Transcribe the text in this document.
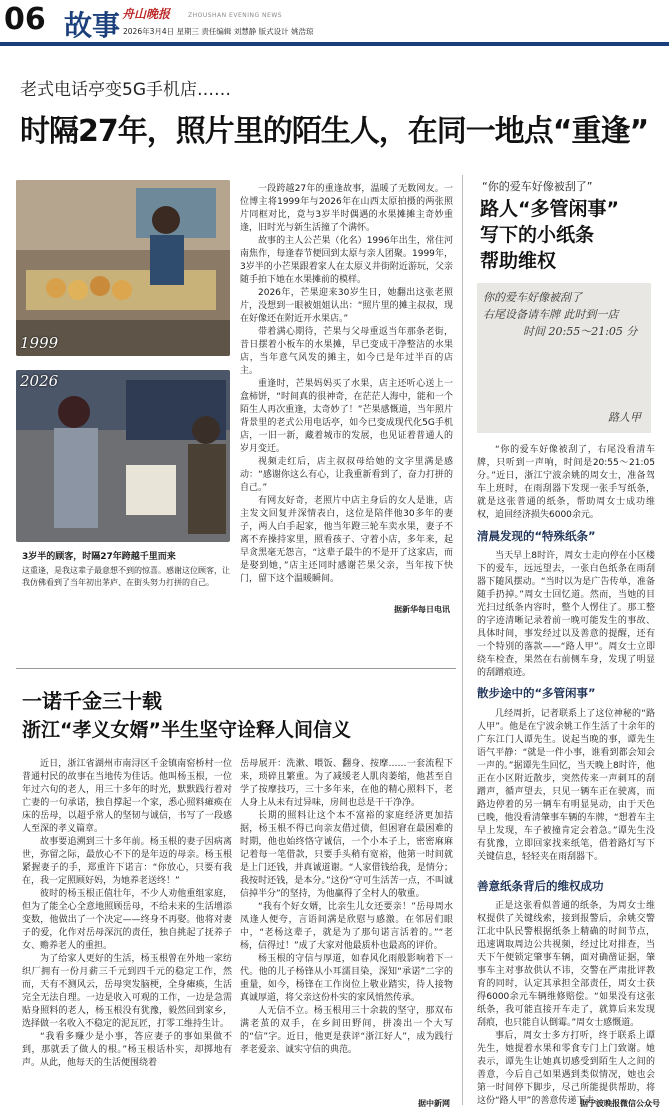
06 故事 舟山晚报	ZHOUSHAN EVENING NEWS
2026年3月4日 星期三 责任编辑 刘慧静 版式设计 姚浩琼
老式电话亭变5G手机店……
时隔27年，照片里的陌生人，在同一地点“重逢”
1999
2026
3岁半的顾客，时隔27年跨越千里而来
这重逢，是我这辈子最意想不到的惊喜。感谢这位顾客，让我仿佛看到了当年初出茅庐、在街头努力打拼的自己。

一段跨越27年的重逢故事，温暖了无数网友。一位博主将1999年与2026年在山西太原拍摄的两张照片同框对比，竟与3岁半时偶遇的水果摊摊主奇妙重逢，旧时光与新生活撞了个满怀。

故事的主人公芒果（化名）1996年出生，常住河南焦作，每逢春节便回到太原与亲人团聚。1999年，3岁半的小芒果跟着家人在太原义井街附近游玩，父亲随手拍下她在水果摊前的模样。

2026年，芒果迎来30岁生日，她翻出这张老照片，没想到一眼被姐姐认出：“照片里的摊主叔叔，现在好像还在附近开水果店。”

带着满心期待，芒果与父母重返当年那条老街，昔日摆着小板车的水果摊，早已变成干净整洁的水果店，当年意气风发的摊主，如今已是年过半百的店主。

重逢时，芒果妈妈买了水果，店主还听心送上一盒柿饼，“时间真的很神奇，在茫茫人海中，能和一个陌生人再次重逢，太奇妙了！”芒果感慨道，当年照片背景里的老式公用电话亭，如今已变成现代化5G手机店，一旧一新，藏着城市的发展，也见证着普通人的岁月变迁。

视频走红后，店主叔叔母给她的文字里满是感动：“感谢你这么有心，让我重新看到了，奋力打拼的自己。”

有网友好奇，老照片中店主身后的女人是谁，店主发文回复并深情表白，这位是陪伴他30多年的妻子，两人白手起家，他当年蹬三轮车卖水果，妻子不离不弃操持家里，照看孩子、守着小店，多年来，起早贪黑毫无怨言，“这辈子最牛的不是开了这家店，而是娶到她，”店主还同时感谢芒果父亲，当年按下快门，留下这个温暖瞬间。

据新华每日电讯
一诺千金三十载
浙江“孝义女婿”半生坚守诠释人间信义

近日，浙江省湖州市南浔区千金镇南窑桥村一位普通村民的故事在当地传为佳话。他叫杨玉根，一位年过六旬的老人，用三十多年的时光，默默践行着对亡妻的一句承诺，独自撑起一个家，悉心照料瘫痪在床的岳母，以超乎常人的坚韧与诚信，书写了一段感人至深的孝义篇章。

故事要追溯到三十多年前。杨玉根的妻子因病离世，弥留之际，最放心不下的是年迈的母亲。杨玉根紧握妻子的手，郑重许下诺言：“你放心，只要有我在，我一定照顾好妈，为她养老送终！”

彼时的杨玉根正值壮年，不少人劝他重组家庭，但为了能全心全意地照顾岳母，不给未来的生活增添变数，他做出了一个决定——终身不再娶。他将对妻子的爱，化作对岳母深沉的责任，独自挑起了抚养子女、赡养老人的重担。

为了给家人更好的生活，杨玉根曾在外地一家纺织厂拥有一份月薪三千元到四千元的稳定工作，然而，天有不测风云，岳母突发脑梗，全身瘫痪，生活完全无法自理。一边是收入可观的工作，一边是急需贴身照料的老人，杨玉根没有犹豫，毅然回到家乡，选择做一名收入不稳定的泥瓦匠，打零工维持生计。

“我看多赚少是小事，答应妻子的事如果做不到，那就丢了做人的根。”杨玉根话朴实，却掷地有声。从此，他每天的生活便围绕着

岳母展开：洗漱、喂饭、翻身、按摩……一套流程下来，琐碎且繁重。为了减缓老人肌肉萎缩，他甚至自学了按摩技巧，三十多年来，在他的精心照料下，老人身上从未有过异味，房间也总是干干净净。

长期的照料让这个本不富裕的家庭经济更加拮据，杨玉根不得已向亲友借过债，但困窘在最困难的时期，他也始终恪守诚信，一个小本子上，密密麻麻记着每一笔借款，只要手头稍有宽裕，他第一时间就是上门还钱，并真诚道谢。“人家借钱给我，是情分；我按时还钱，是本分。”这份“守可生活苦一点，不叫诚信掉半分”的坚持，为他赢得了全村人的敬重。

“我有个好女婿，比亲生儿女还要亲！”岳母周水凤逢人便夸，言语间满是欣慰与感激。在邻居们眼中，“老杨这辈子，就是为了那句诺言活着的。”“老杨，信得过！”成了大家对他最质朴也最高的评价。

杨玉根的守信与厚道，如春风化雨般影响着下一代。他的儿子杨锋从小耳濡目染，深知“承诺”二字的重量，如今，杨锋在工作岗位上敬业踏实，待人接物真诚厚道，将父亲这份朴实的家风悄然传承。

人无信不立。杨玉根用三十余载的坚守，那双布满老茧的双手，在乡间田野间，拼凑出一个大写的“信”字。近日，他更是获评“浙江好人”，成为践行孝老爱亲、诚实守信的典范。

据中新网
“你的爱车好像被刮了”
路人“多管闲事”
写下的小纸条
帮助维权
你的爱车好像被刮了
右尾设备请车牌 此时到一店
时间 20:55～21:05 分
路人甲

“你的爱车好像被刮了，右尾没看清车牌，只听到一声响，时间是20:55～21:05分。”近日，浙江宁波余姚的周女士，准备驾车上班时，在雨刮器下发现一张手写纸条，就是这张普通的纸条，帮助周女士成功维权，追回经济损失6000余元。

清晨发现的“特殊纸条”

当天早上8时许，周女士走向停在小区楼下的爱车，远远望去，一张白色纸条在雨刮器下随风摆动。“当时以为是广告传单，准备随手扔掉。”周女士回忆道。然而，当她的目光扫过纸条内容时，整个人愣住了。那工整的字迹清晰记录着前一晚可能发生的事故、具体时间，事发经过以及善意的提醒，还有一个特别的落款——“路人甲”。周女士立即绕车检查，果然在右前侧车身，发现了明显的刮蹭痕迹。

散步途中的“多管闲事”

几经周折，记者联系上了这位神秘的“路人甲”。他是在宁波余姚工作生活了十余年的广东江门人谭先生。说起当晚的事，谭先生语气平静：“就是一件小事，谁看到都会知会一声的。”据谭先生回忆，当天晚上8时许，他正在小区附近散步，突然传来一声刺耳的刮蹭声，循声望去，只见一辆车正在驶离，而路边停着的另一辆车有明显晃动，由于天色已晚，他没看清肇事车辆的车牌，“想着车主早上发现，车子被撞肯定会着急。”谭先生没有犹豫，立即回家找来纸笔，借着路灯写下关键信息，轻轻夹在雨刮器下。

善意纸条背后的维权成功

正是这张看似普通的纸条，为周女士维权提供了关键线索，接到报警后，余姚交警江北中队民警根据纸条上精确的时间节点，迅速调取周边公共视频，经过比对排查，当天下午便锁定肇事车辆，面对确凿证据，肇事车主对事故供认不讳，交警在严肃批评教育的同时，认定其承担全部责任，周女士获得6000余元车辆维修赔偿。“如果没有这张纸条，我可能直接开车走了，就算后来发现刮痕，也只能自认倒霉。”周女士感慨道。

事后，周女士多方打听，终于联系上谭先生，她提着水果和零食专门上门致谢。她表示，谭先生让她真切感受到陌生人之间的善意，今后自己如果遇到类似情况，她也会第一时间停下脚步，尽己所能提供帮助，将这份“路人甲”的善意传递下去。

据宁波晚报微信公众号
